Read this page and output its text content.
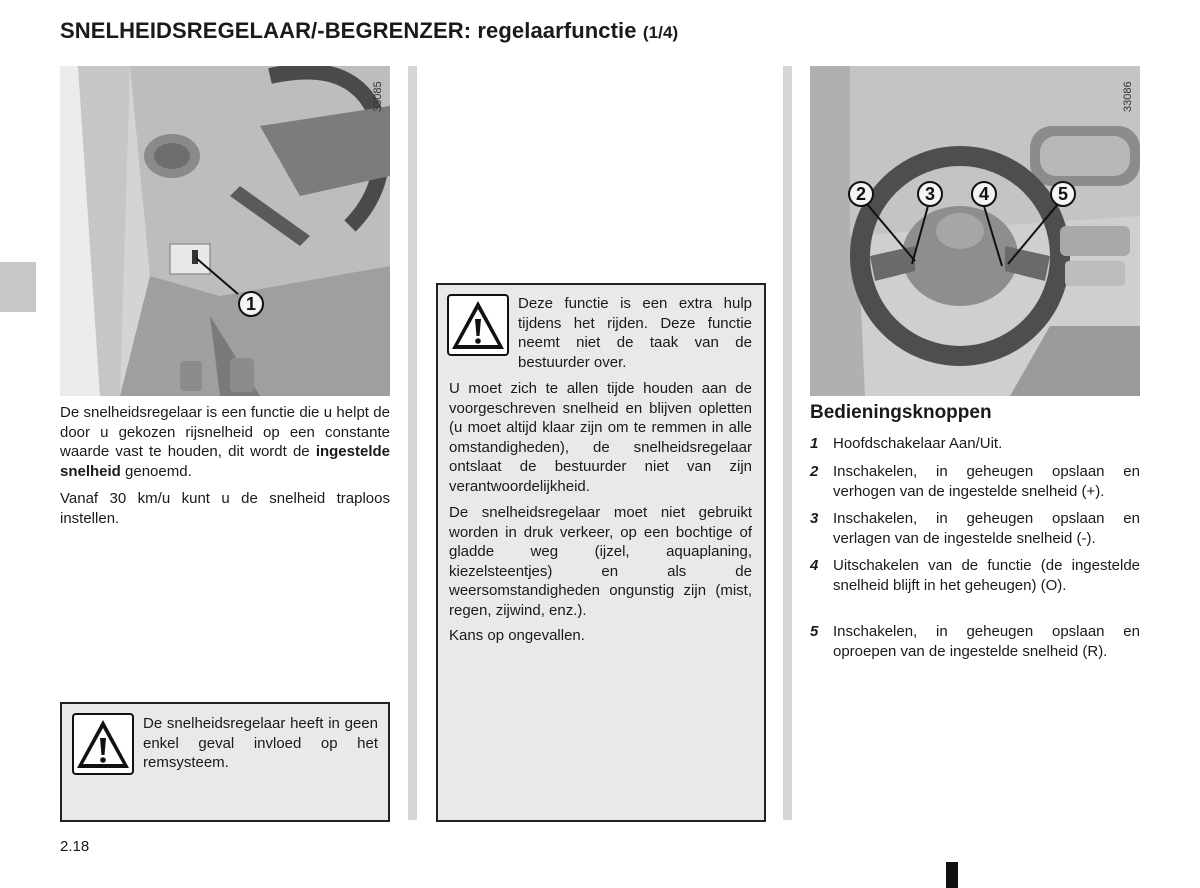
SNELHEIDSREGELAAR/-BEGRENZER: regelaarfunctie (1/4)
33085
1

De snelheidsregelaar is een functie die u helpt de door u gekozen rijsnelheid op een constante waarde vast te houden, dit wordt de ingestelde snelheid genoemd.

Vanaf 30 km/u kunt u de snelheid traploos instellen.

De snelheidsregelaar heeft in geen enkel geval invloed op het remsysteem.

Deze functie is een extra hulp tijdens het rijden. Deze functie neemt niet de taak van de bestuurder over.

U moet zich te allen tijde houden aan de voorgeschreven snelheid en blijven opletten (u moet altijd klaar zijn om te remmen in alle omstandigheden), de snelheidsregelaar ontslaat de bestuurder niet van zijn verantwoordelijkheid.

De snelheidsregelaar moet niet gebruikt worden in druk verkeer, op een bochtige of gladde weg (ijzel, aquaplaning, kiezelsteentjes) en als de weersomstandigheden ongunstig zijn (mist, regen, zijwind, enz.).

Kans op ongevallen.

33086
2	3	4	5
Bedieningsknoppen
1 Hoofdschakelaar Aan/Uit.
2 Inschakelen, in geheugen opslaan en verhogen van de ingestelde snelheid (+).
3 Inschakelen, in geheugen opslaan en verlagen van de ingestelde snelheid (-).
4 Uitschakelen van de functie (de ingestelde snelheid blijft in het geheugen) (O).
5 Inschakelen, in geheugen opslaan en oproepen van de ingestelde snelheid (R).
2.18
